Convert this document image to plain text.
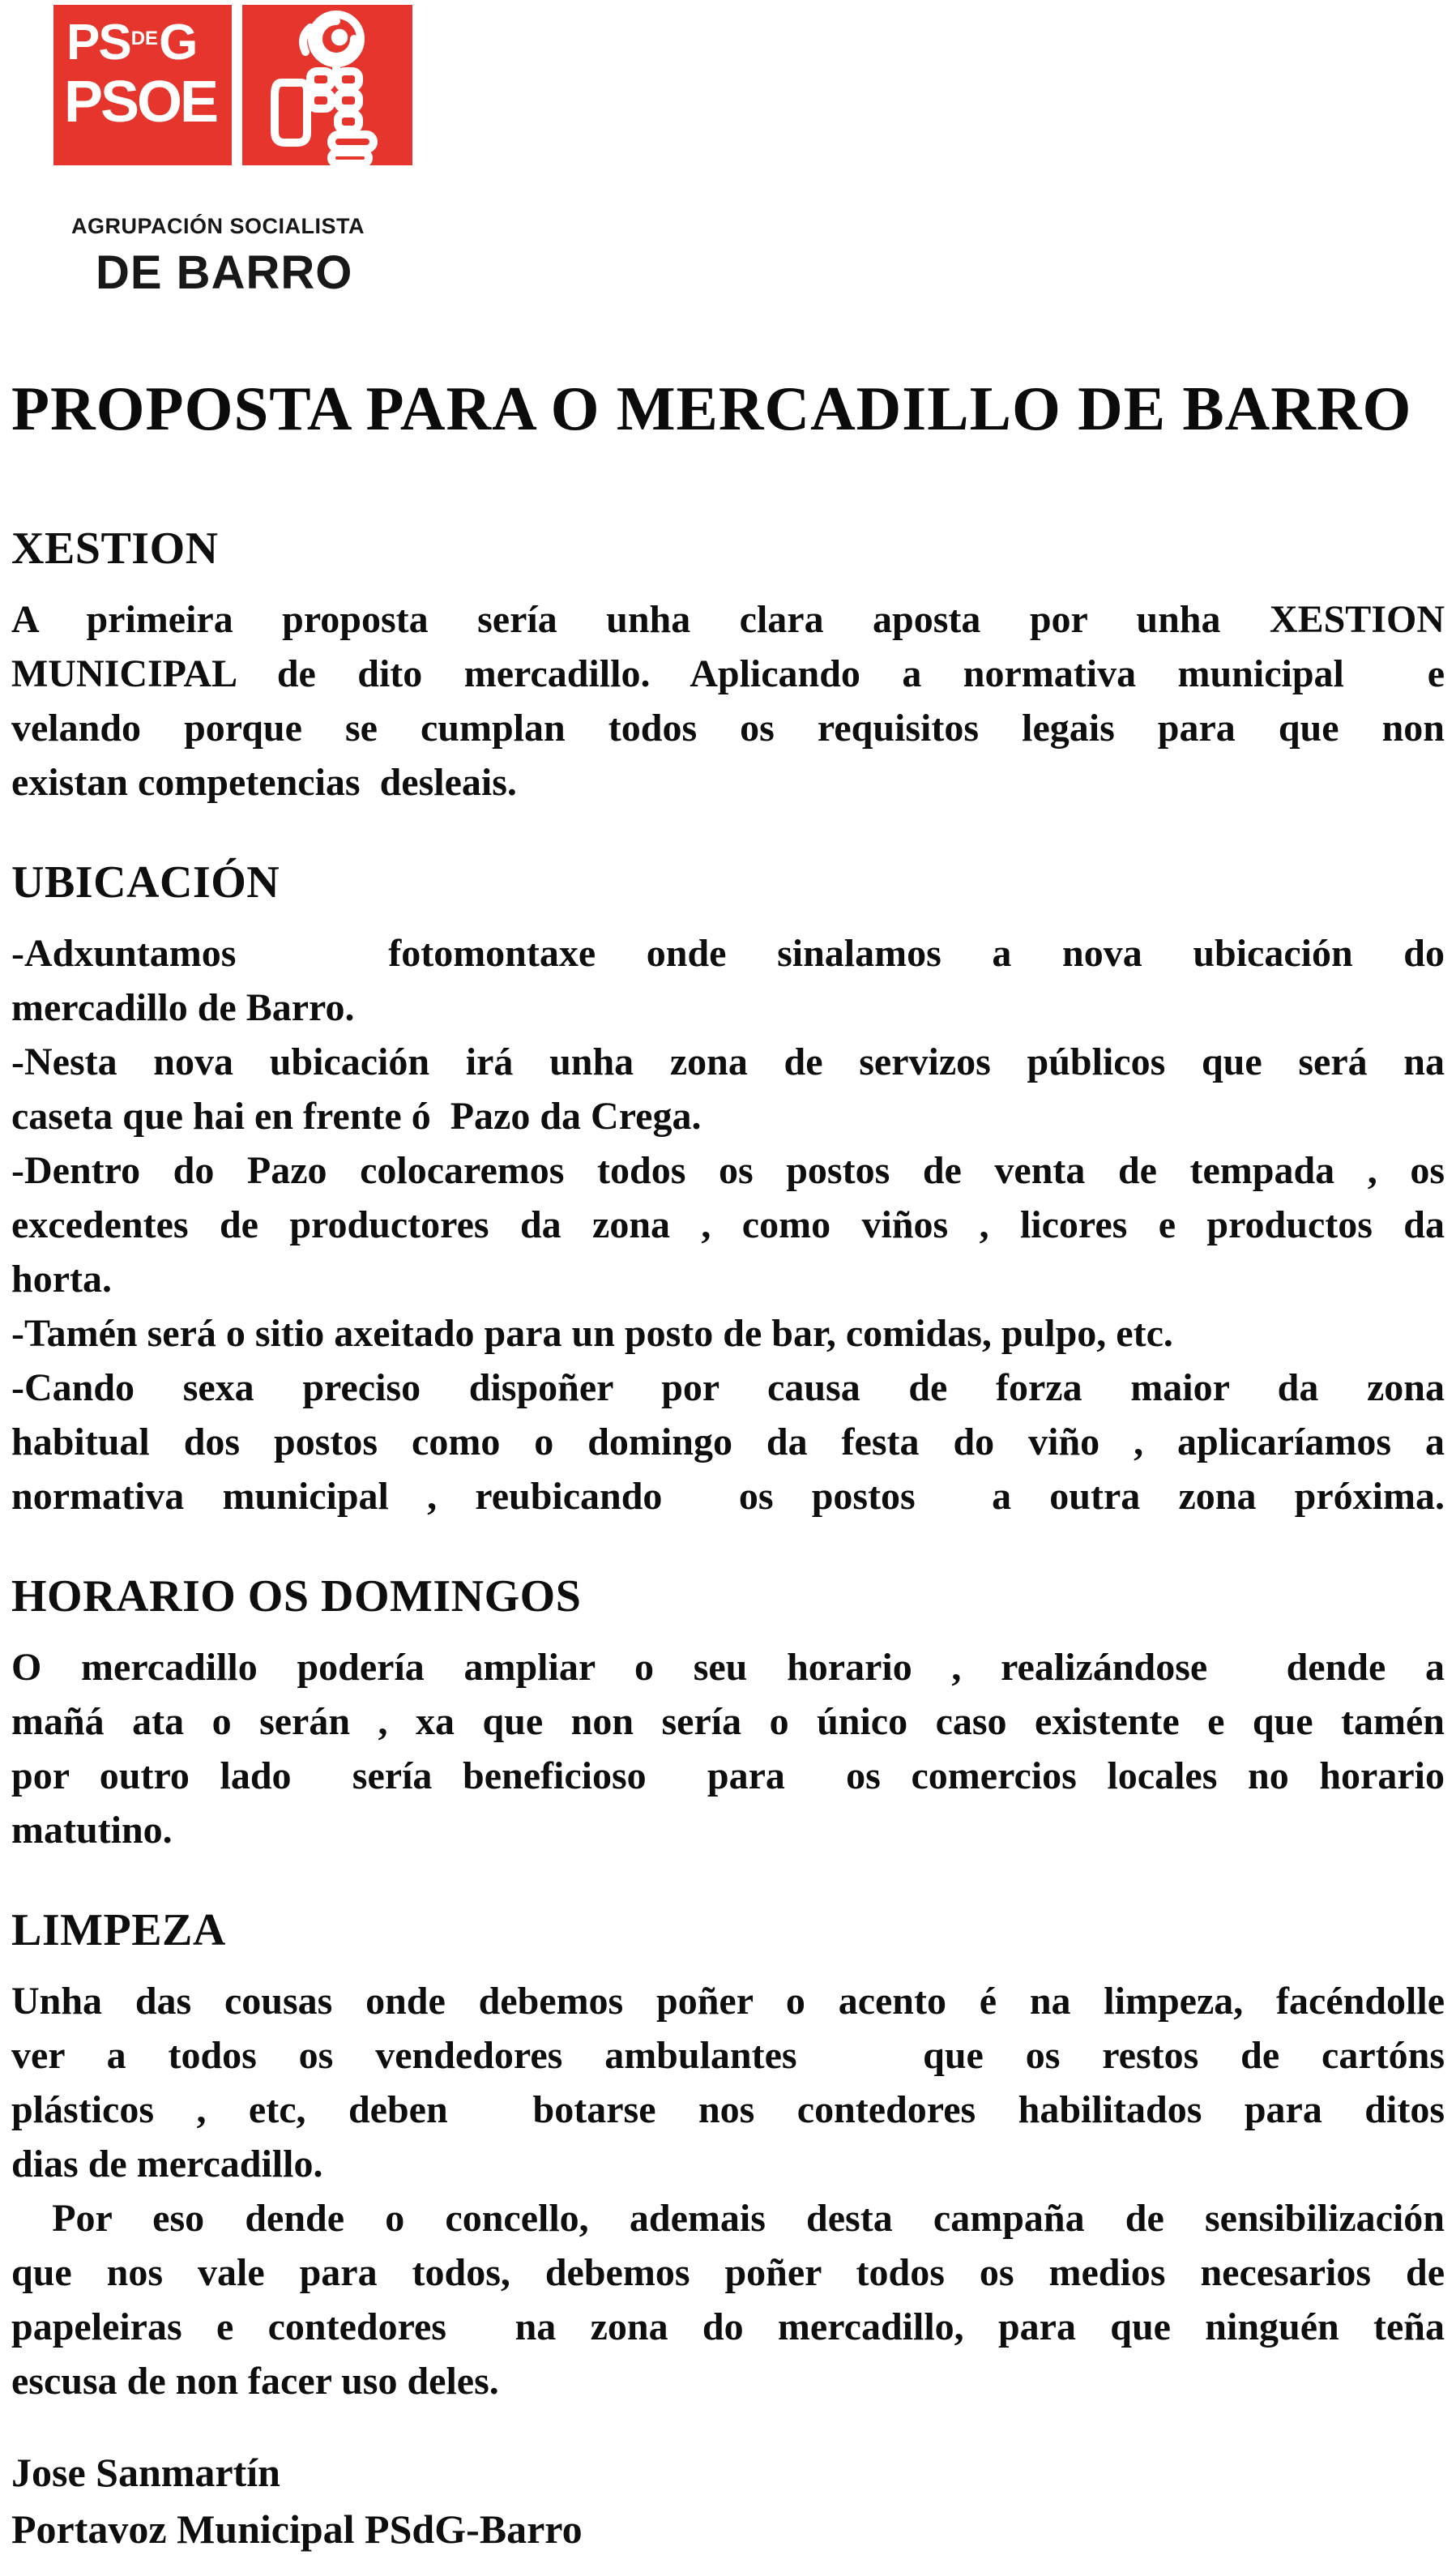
$PS^{DE}G$
PSOE
AGRUPACIÓN SOCIALISTA
DE BARRO
PROPOSTA PARA O MERCADILLO DE BARRO
XESTION
A primeira proposta sería unha clara aposta por unha XESTION
MUNICIPAL de dito mercadillo. Aplicando a normativa municipal  e
velando porque se cumplan todos os requisitos legais para que non
existan competencias  desleais.
UBICACIÓN
-Adxuntamos   fotomontaxe onde sinalamos a nova ubicación do
mercadillo de Barro.
-Nesta nova ubicación irá unha zona de servizos públicos que será na
caseta que hai en frente ó  Pazo da Crega.
-Dentro do Pazo colocaremos todos os postos de venta de tempada , os
excedentes de productores da zona , como viños , licores e productos da
horta.
-Tamén será o sitio axeitado para un posto de bar, comidas, pulpo, etc.
-Cando sexa preciso dispoñer por causa de forza maior da zona
habitual dos postos como o domingo da festa do viño , aplicaríamos a
normativa municipal , reubicando  os postos  a outra zona próxima.
HORARIO OS DOMINGOS
O mercadillo podería ampliar o seu horario , realizándose  dende a
mañá ata o serán , xa que non sería o único caso existente e que tamén
por outro lado  sería beneficioso  para  os comercios locales no horario
matutino.
LIMPEZA
Unha das cousas onde debemos poñer o acento é na limpeza, facéndolle
ver a todos os vendedores ambulantes   que os restos de cartóns
plásticos , etc, deben  botarse nos contedores habilitados para ditos
dias de mercadillo.
Por eso dende o concello, ademais desta campaña de sensibilización
que nos vale para todos, debemos poñer todos os medios necesarios de
papeleiras e contedores  na zona do mercadillo, para que ninguén teña
escusa de non facer uso deles.
Jose Sanmartín
Portavoz Municipal PSdG-Barro
